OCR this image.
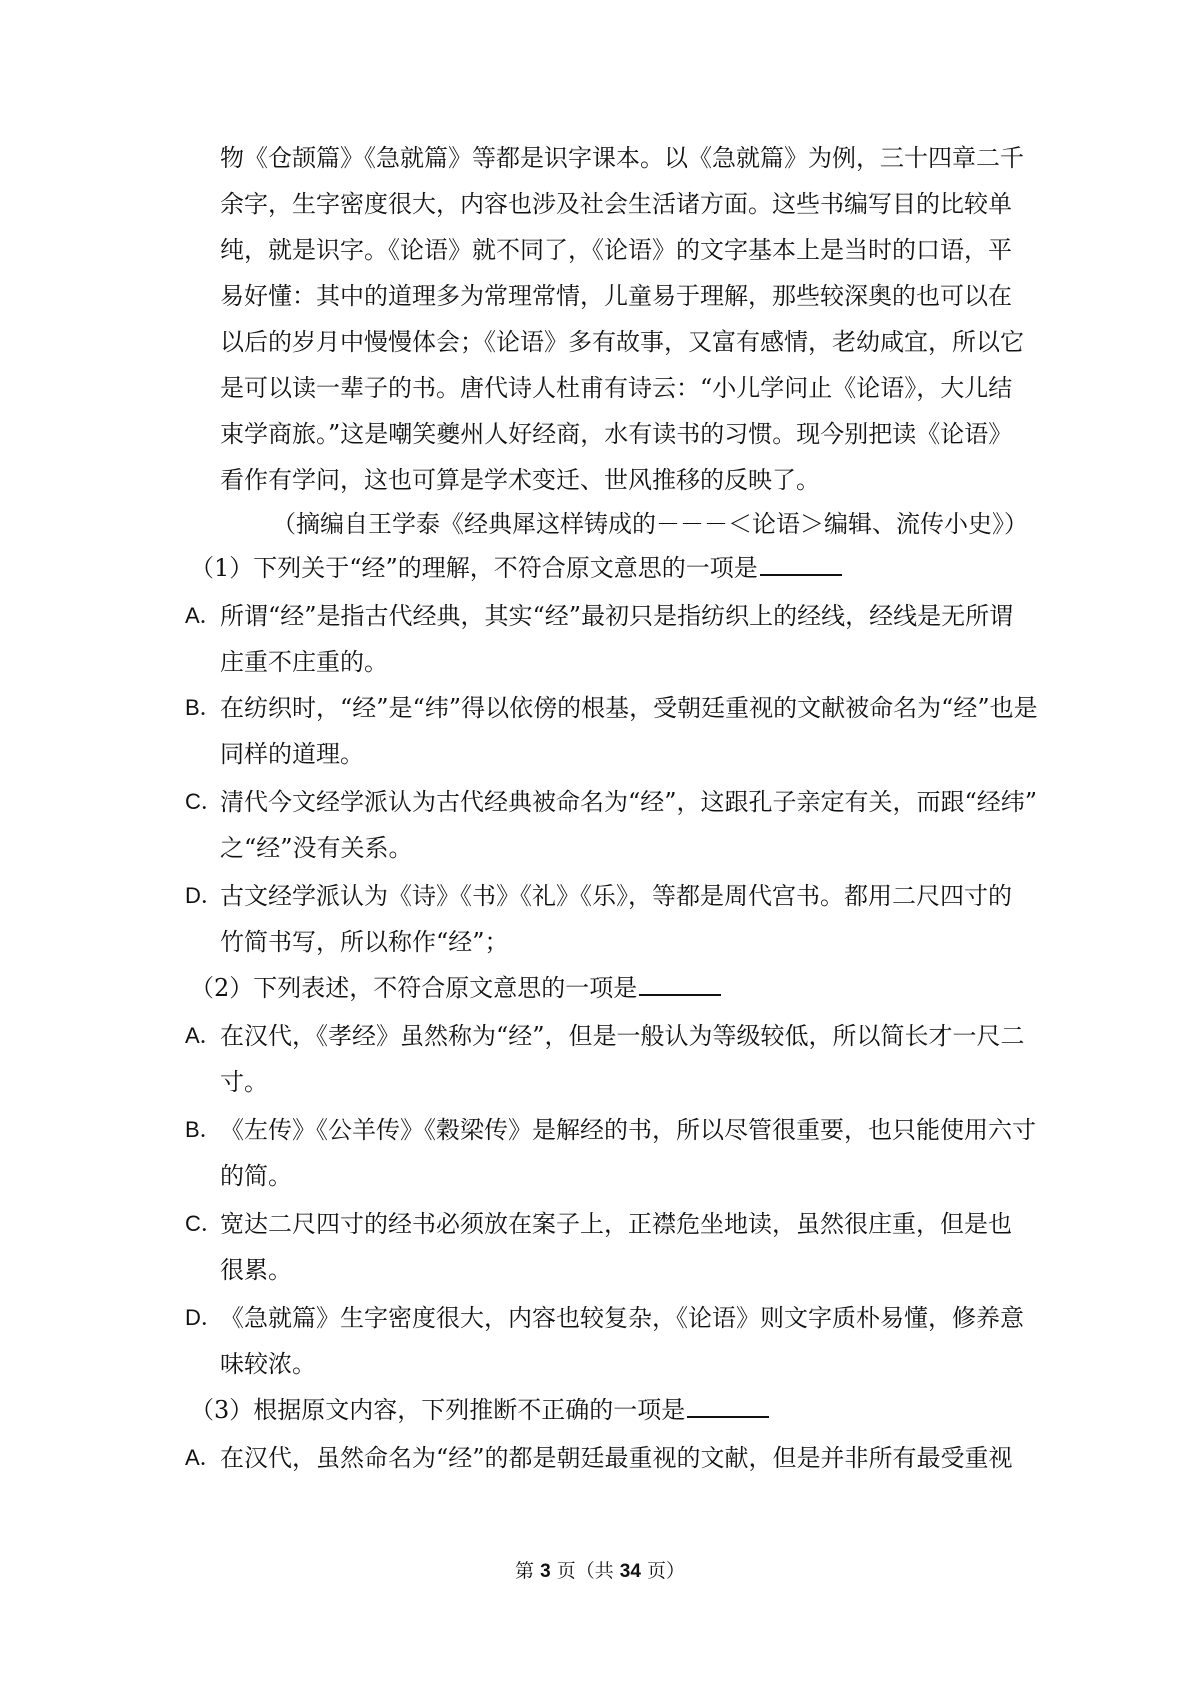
物《仓颉篇》《急就篇》等都是识字课本。以《急就篇》为例，三十四章二千
余字，生字密度很大，内容也涉及社会生活诸方面。这些书编写目的比较单
纯，就是识字。《论语》就不同了，《论语》的文字基本上是当时的口语，平
易好懂：其中的道理多为常理常情，儿童易于理解，那些较深奥的也可以在
以后的岁月中慢慢体会；《论语》多有故事，又富有感情，老幼咸宜，所以它
是可以读一辈子的书。唐代诗人杜甫有诗云：“小儿学问止《论语》，大儿结
束学商旅。”这是嘲笑夔州人好经商，水有读书的习惯。现今别把读《论语》
看作有学问，这也可算是学术变迁、世风推移的反映了。
（摘编自王学泰《经典犀这样铸成的－－－＜论语＞编辑、流传小史》）
（1）下列关于“经”的理解，不符合原文意思的一项是
A．
所谓“经”是指古代经典，其实“经”最初只是指纺织上的经线，经线是无所谓
庄重不庄重的。
B．
在纺织时，“经”是“纬”得以依傍的根基，受朝廷重视的文献被命名为“经”也是
同样的道理。
C．
清代今文经学派认为古代经典被命名为“经”，这跟孔子亲定有关，而跟“经纬”
之“经”没有关系。
D．
古文经学派认为《诗》《书》《礼》《乐》，等都是周代宫书。都用二尺四寸的
竹简书写，所以称作“经”；
（2）下列表述，不符合原文意思的一项是
A．
在汉代，《孝经》虽然称为“经”，但是一般认为等级较低，所以简长才一尺二
寸。
B．
《左传》《公羊传》《穀梁传》是解经的书，所以尽管很重要，也只能使用六寸
的简。
C．
宽达二尺四寸的经书必须放在案子上，正襟危坐地读，虽然很庄重，但是也
很累。
D．
《急就篇》生字密度很大，内容也较复杂，《论语》则文字质朴易懂，修养意
味较浓。
（3）根据原文内容，下列推断不正确的一项是
A．
在汉代，虽然命名为“经”的都是朝廷最重视的文献，但是并非所有最受重视
第 3 页（共 34 页）
